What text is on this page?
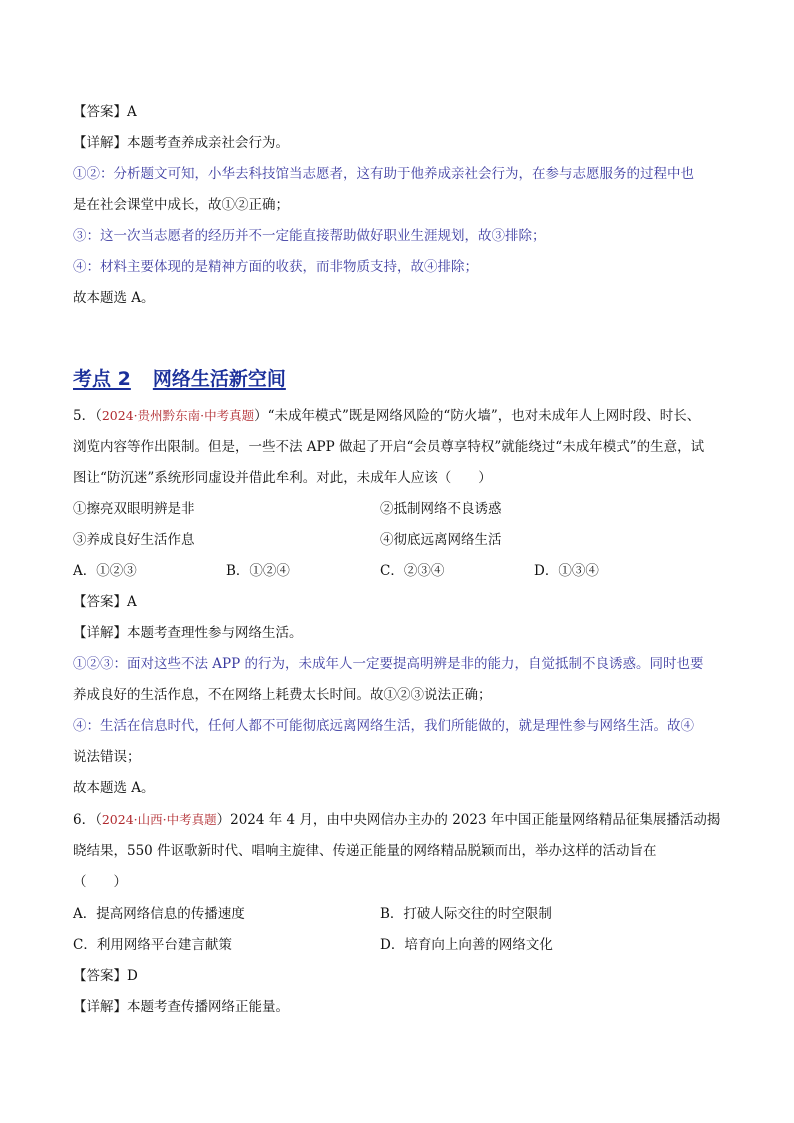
【答案】A
【详解】本题考查养成亲社会行为。
①②：分析题文可知，小华去科技馆当志愿者，这有助于他养成亲社会行为，在参与志愿服务的过程中也
是在社会课堂中成长，故①②正确；
③：这一次当志愿者的经历并不一定能直接帮助做好职业生涯规划，故③排除；
④：材料主要体现的是精神方面的收获，而非物质支持，故④排除；
故本题选 A。
考点 2 网络生活新空间
5．（2024·贵州黔东南·中考真题）“未成年模式”既是网络风险的“防火墙”，也对未成年人上网时段、时长、
浏览内容等作出限制。但是，一些不法 APP 做起了开启“会员尊享特权”就能绕过“未成年模式”的生意，试
图让“防沉迷”系统形同虚设并借此牟利。对此，未成年人应该（　　）
①擦亮双眼明辨是非	②抵制网络不良诱惑
③养成良好生活作息	④彻底远离网络生活
A．①②③	B．①②④	C．②③④	D．①③④
【答案】A
【详解】本题考查理性参与网络生活。
①②③：面对这些不法 APP 的行为，未成年人一定要提高明辨是非的能力，自觉抵制不良诱惑。同时也要
养成良好的生活作息，不在网络上耗费太长时间。故①②③说法正确；
④：生活在信息时代，任何人都不可能彻底远离网络生活，我们所能做的，就是理性参与网络生活。故④
说法错误；
故本题选 A。
6．（2024·山西·中考真题）2024 年 4 月，由中央网信办主办的 2023 年中国正能量网络精品征集展播活动揭
晓结果，550 件讴歌新时代、唱响主旋律、传递正能量的网络精品脱颖而出，举办这样的活动旨在
（　　）
A．提高网络信息的传播速度	B．打破人际交往的时空限制
C．利用网络平台建言献策	D．培育向上向善的网络文化
【答案】D
【详解】本题考查传播网络正能量。
